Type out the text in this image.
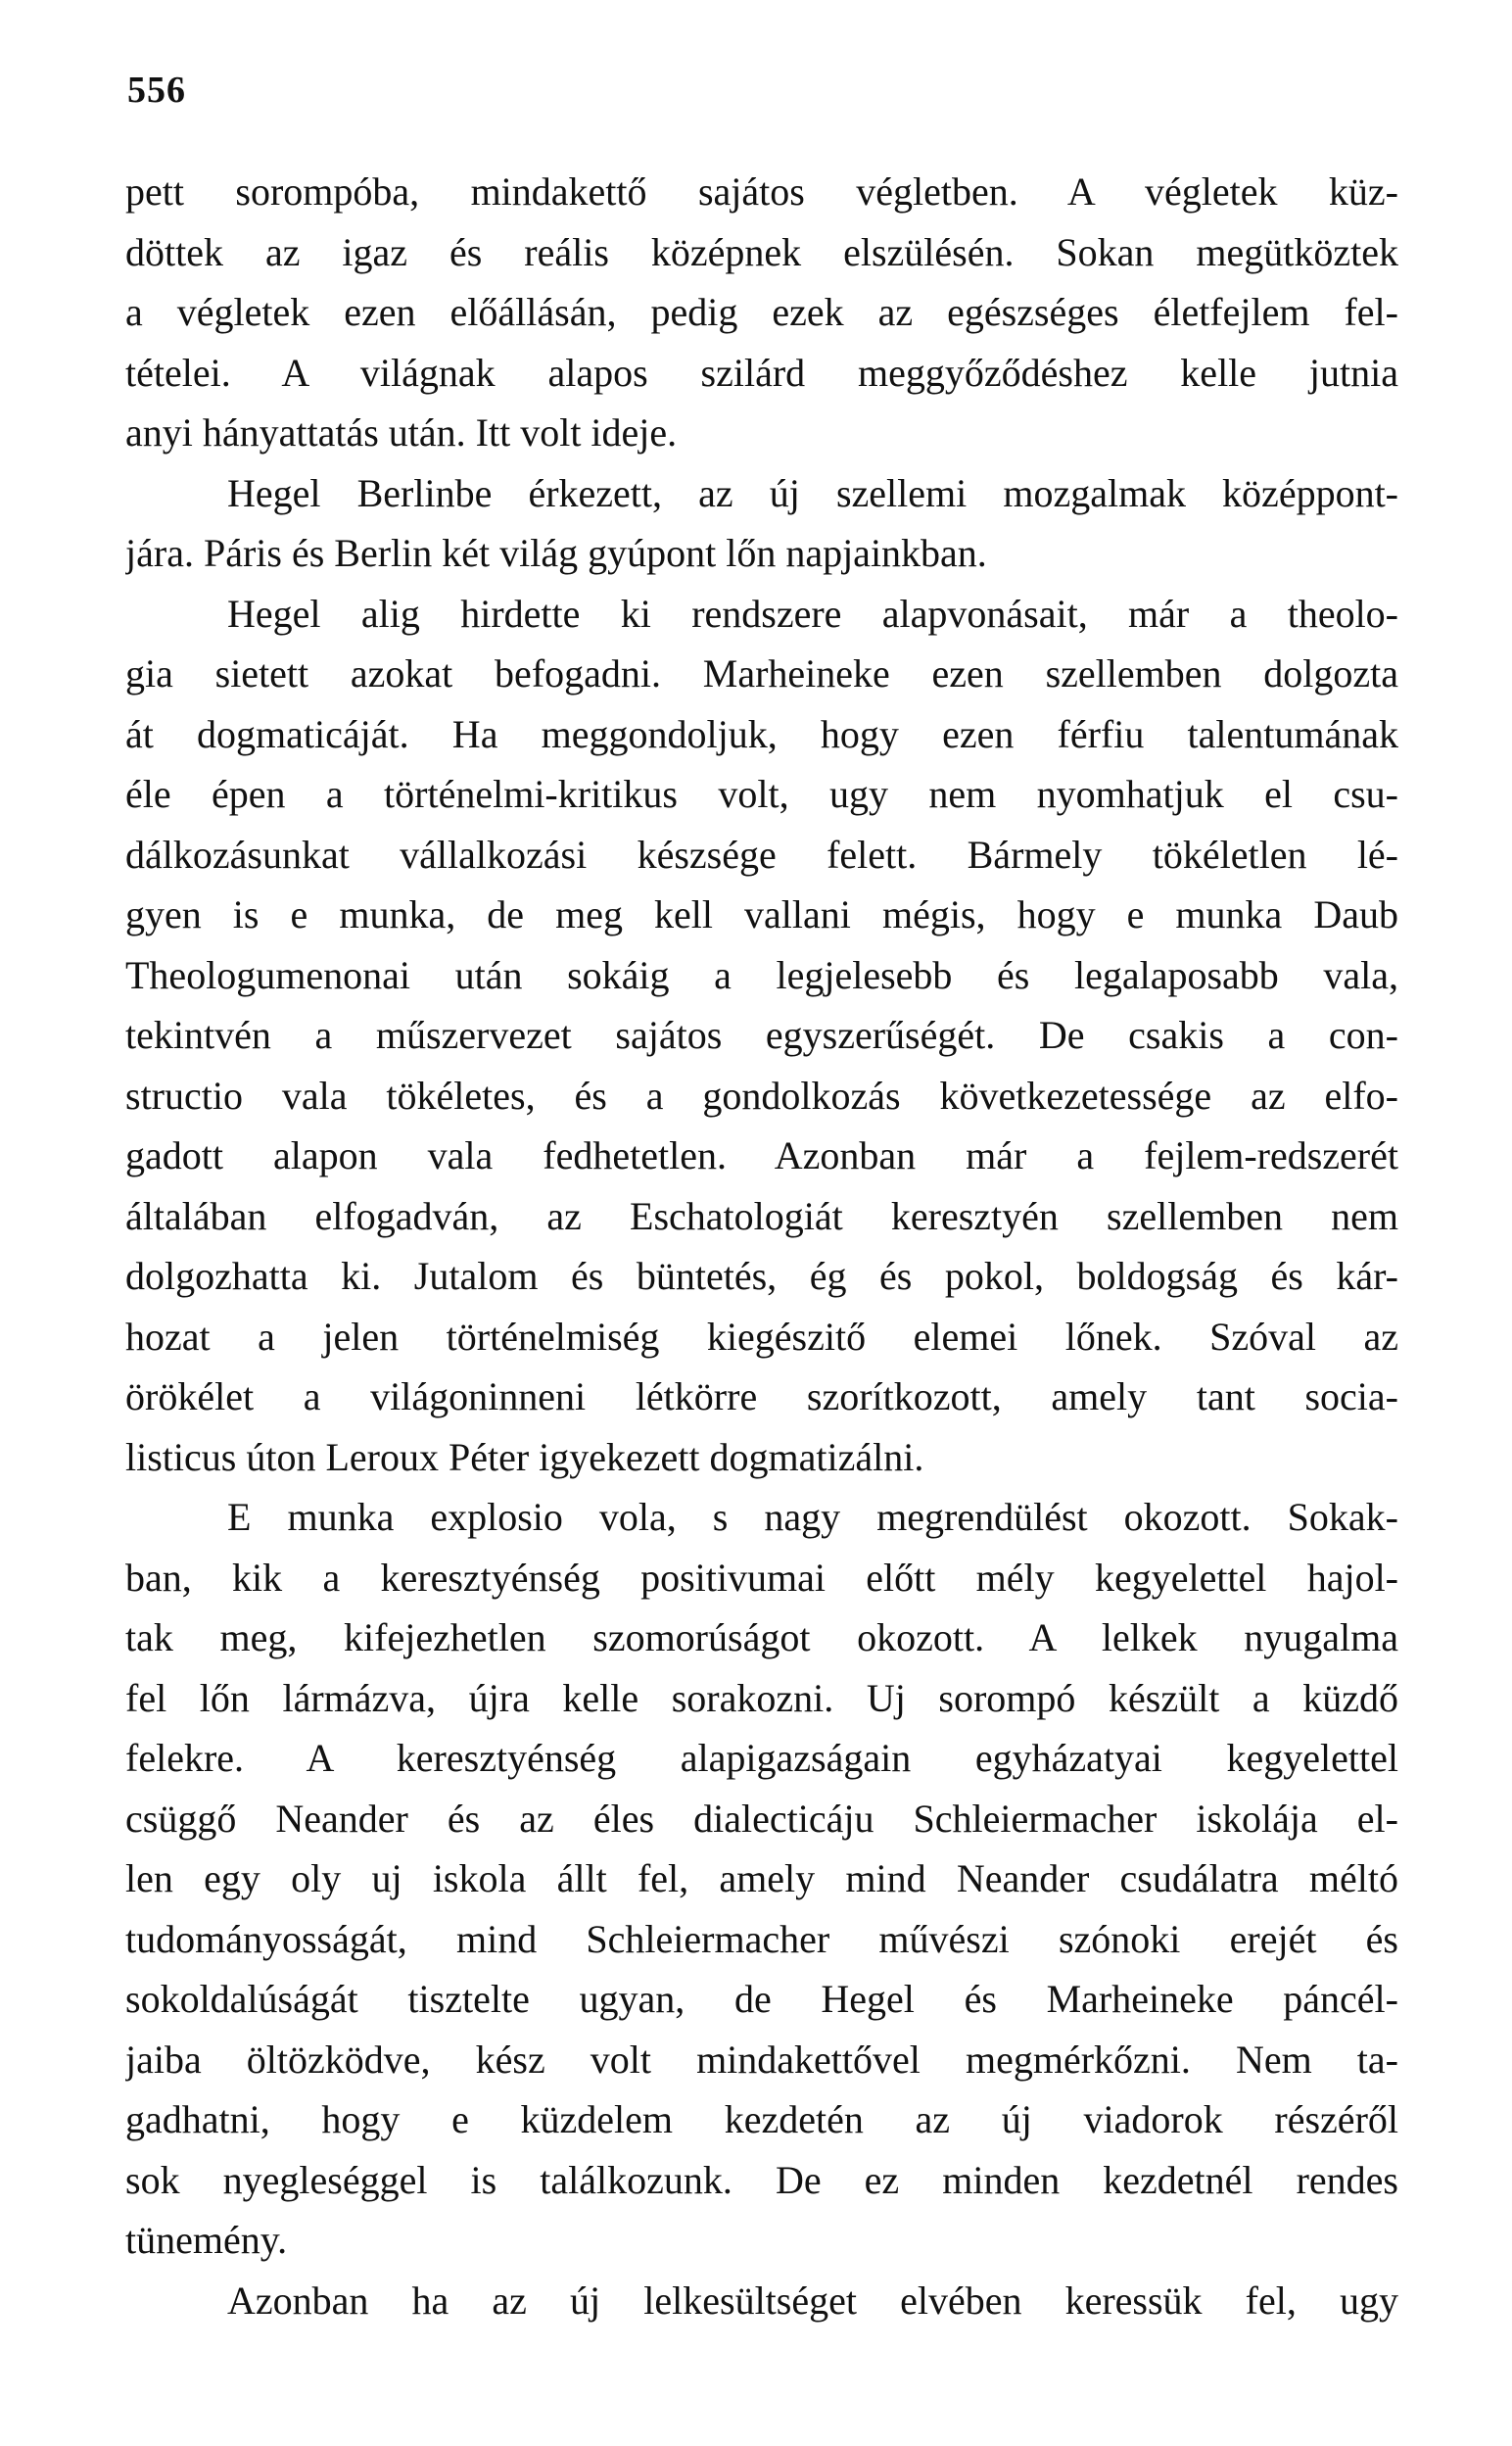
556
pett sorompóba, mindakettő sajátos végletben. A végletek küz-
döttek az igaz és reális középnek elszülésén. Sokan megütköztek
a végletek ezen előállásán, pedig ezek az egészséges életfejlem fel-
tételei. A világnak alapos szilárd meggyőződéshez kelle jutnia
anyi hányattatás után. Itt volt ideje.
Hegel Berlinbe érkezett, az új szellemi mozgalmak középpont-
jára. Páris és Berlin két világ gyúpont lőn napjainkban.
Hegel alig hirdette ki rendszere alapvonásait, már a theolo-
gia sietett azokat befogadni. Marheineke ezen szellemben dolgozta
át dogmaticáját. Ha meggondoljuk, hogy ezen férfiu talentumának
éle épen a történelmi-kritikus volt, ugy nem nyomhatjuk el csu-
dálkozásunkat vállalkozási készsége felett. Bármely tökéletlen lé-
gyen is e munka, de meg kell vallani mégis, hogy e munka Daub
Theologumenonai után sokáig a legjelesebb és legalaposabb vala,
tekintvén a műszervezet sajátos egyszerűségét. De csakis a con-
structio vala tökéletes, és a gondolkozás következetessége az elfo-
gadott alapon vala fedhetetlen. Azonban már a fejlem-redszerét
általában elfogadván, az Eschatologiát keresztyén szellemben nem
dolgozhatta ki. Jutalom és büntetés, ég és pokol, boldogság és kár-
hozat a jelen történelmiség kiegészitő elemei lőnek. Szóval az
örökélet a világoninneni létkörre szorítkozott, amely tant socia-
listicus úton Leroux Péter igyekezett dogmatizálni.
E munka explosio vola, s nagy megrendülést okozott. Sokak-
ban, kik a keresztyénség positivumai előtt mély kegyelettel hajol-
tak meg, kifejezhetlen szomorúságot okozott. A lelkek nyugalma
fel lőn lármázva, újra kelle sorakozni. Uj sorompó készült a küzdő
felekre. A keresztyénség alapigazságain egyházatyai kegyelettel
csüggő Neander és az éles dialecticáju Schleiermacher iskolája el-
len egy oly uj iskola állt fel, amely mind Neander csudálatra méltó
tudományosságát, mind Schleiermacher művészi szónoki erejét és
sokoldalúságát tisztelte ugyan, de Hegel és Marheineke páncél-
jaiba öltözködve, kész volt mindakettővel megmérkőzni. Nem ta-
gadhatni, hogy e küzdelem kezdetén az új viadorok részéről
sok nyegleséggel is találkozunk. De ez minden kezdetnél rendes
tünemény.
Azonban ha az új lelkesültséget elvében keressük fel, ugy
